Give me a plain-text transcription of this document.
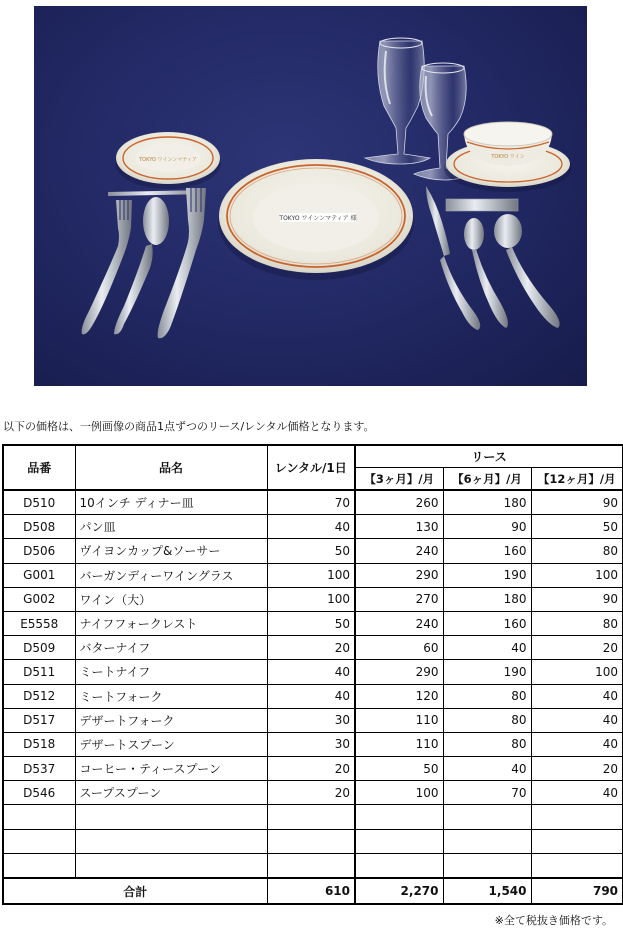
TOKYO ワインンマティア
TOKYO ワインンマティア 様
TOKYO ワイン
以下の価格は、一例画像の商品1点ずつのリース/レンタル価格となります。
品番	品名	レンタル/1日	リース		
			【3ヶ月】/月	【6ヶ月】/月	【12ヶ月】/月
D510	10インチ ディナー皿	70	260	180	90
D508	パン皿	40	130	90	50
D506	ヴイヨンカップ&ソーサー	50	240	160	80
G001	バーガンディーワイングラス	100	290	190	100
G002	ワイン（大）	100	270	180	90
E5558	ナイフフォークレスト	50	240	160	80
D509	バターナイフ	20	60	40	20
D511	ミートナイフ	40	290	190	100
D512	ミートフォーク	40	120	80	40
D517	デザートフォーク	30	110	80	40
D518	デザートスプーン	30	110	80	40
D537	コーヒー・ティースプーン	20	50	40	20
D546	スープスプーン	20	100	70	40

合計		610	2,270	1,540	790
※全て税抜き価格です。
